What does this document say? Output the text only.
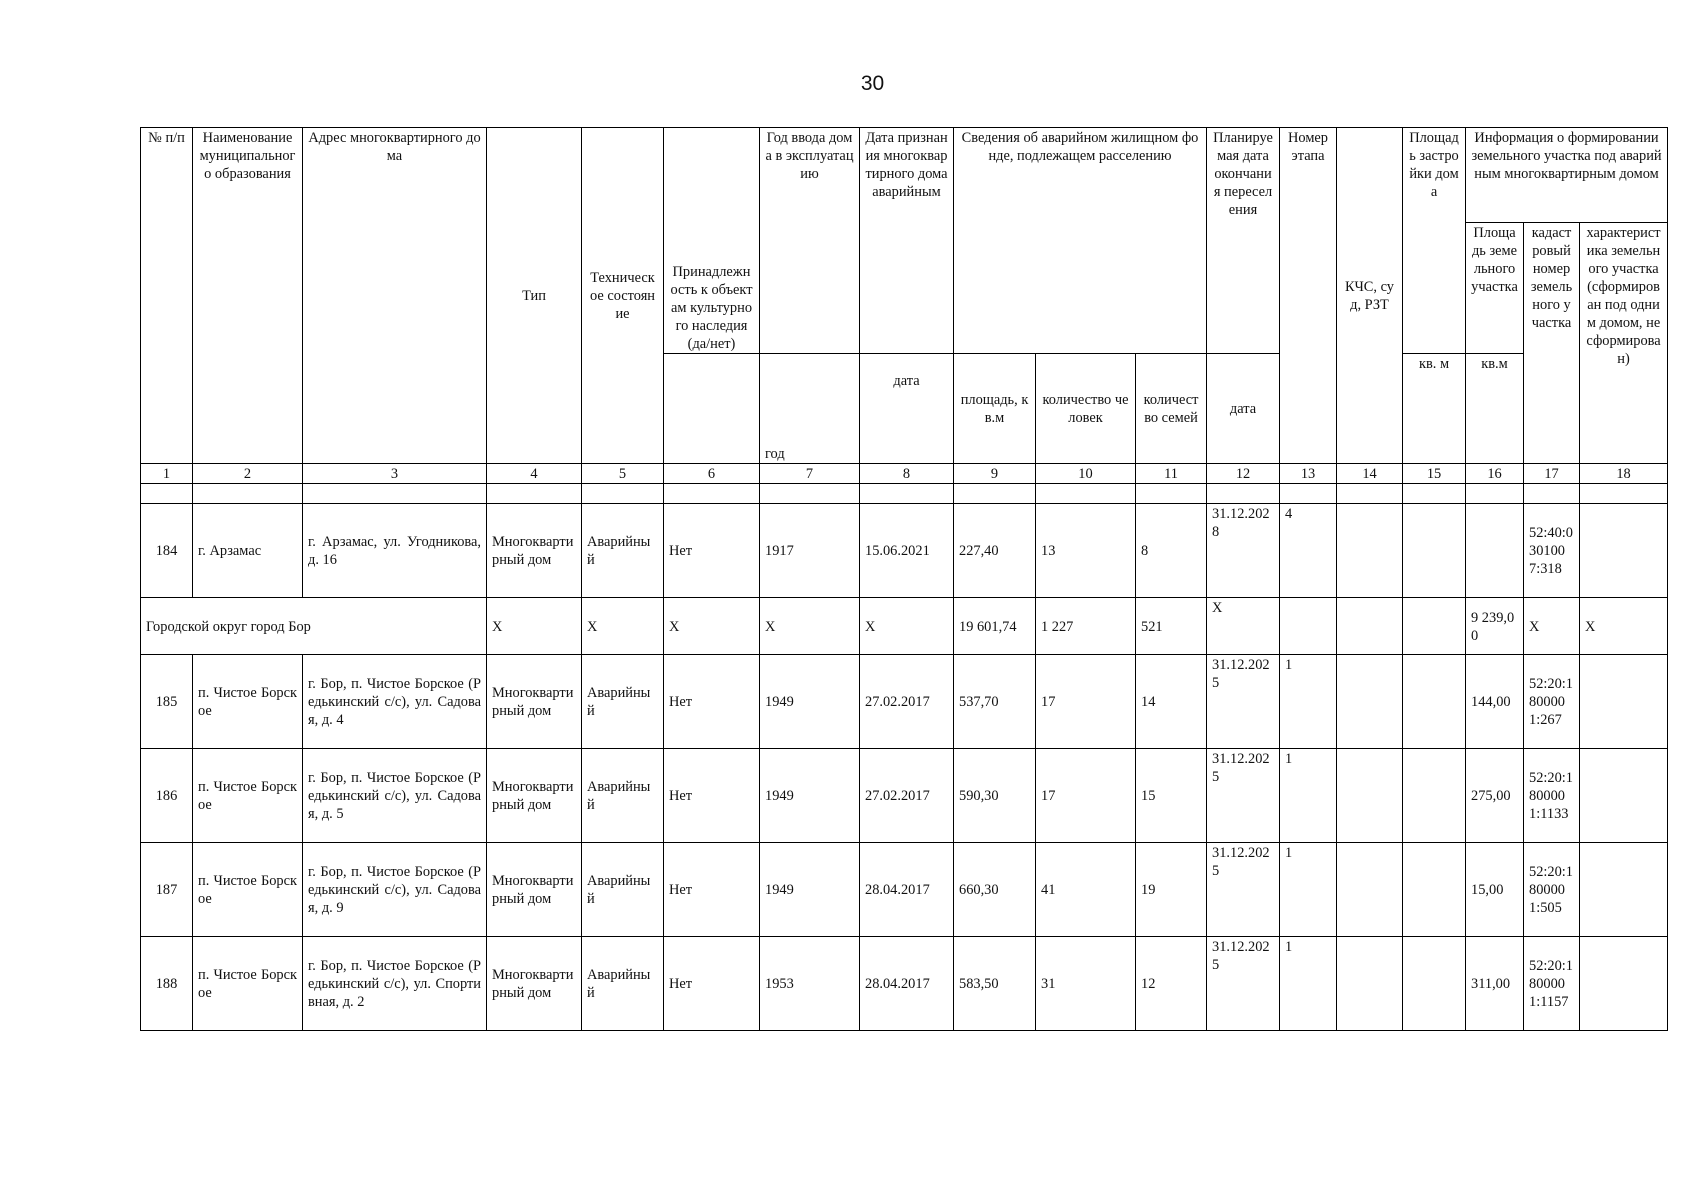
30
№ п/п	Наименование муниципального образования	Адрес многоквартирного дома	Тип	Техническое состояние	Принадлежность к объектам культурного наследия (да/нет)	Год ввода дома в эксплуатацию	Дата признания многоквартирного дома аварийным	Сведения об аварийном жилищном фонде, подлежащем расселению			Планируемая дата окончания переселения	Номер этапа	КЧС, суд, РЗТ	Площадь застройки дома	Информация о формировании земельного участка под аварийным многоквартирным домом		
															Площадь земельного участка	кадастровый номер земельного участка	характеристика земельного участка (сформирован под одним домом, не сформирован)
						год	дата	площадь, кв.м	количество человек	количество семей	дата			кв. м	кв.м		
1	2	3	4	5	6	7	8	9	10	11	12	13	14	15	16	17	18

184	г. Арзамас	г. Арзамас, ул. Угодникова, д. 16	Многоквартирный дом	Аварийный	Нет	1917	15.06.2021	227,40	13	8	31.12.2028	4				52:40:0301007:318	
Городской округ город Бор			X	X	X	X	X	19 601,74	1 227	521	X				9 239,00	X	X
185	п. Чистое Борское	г. Бор, п. Чистое Борское (Редькинский с/с), ул. Садовая, д. 4	Многоквартирный дом	Аварийный	Нет	1949	27.02.2017	537,70	17	14	31.12.2025	1			144,00	52:20:1800001:267	
186	п. Чистое Борское	г. Бор, п. Чистое Борское (Редькинский с/с), ул. Садовая, д. 5	Многоквартирный дом	Аварийный	Нет	1949	27.02.2017	590,30	17	15	31.12.2025	1			275,00	52:20:1800001:1133	
187	п. Чистое Борское	г. Бор, п. Чистое Борское (Редькинский с/с), ул. Садовая, д. 9	Многоквартирный дом	Аварийный	Нет	1949	28.04.2017	660,30	41	19	31.12.2025	1			15,00	52:20:1800001:505	
188	п. Чистое Борское	г. Бор, п. Чистое Борское (Редькинский с/с), ул. Спортивная, д. 2	Многоквартирный дом	Аварийный	Нет	1953	28.04.2017	583,50	31	12	31.12.2025	1			311,00	52:20:1800001:1157	
